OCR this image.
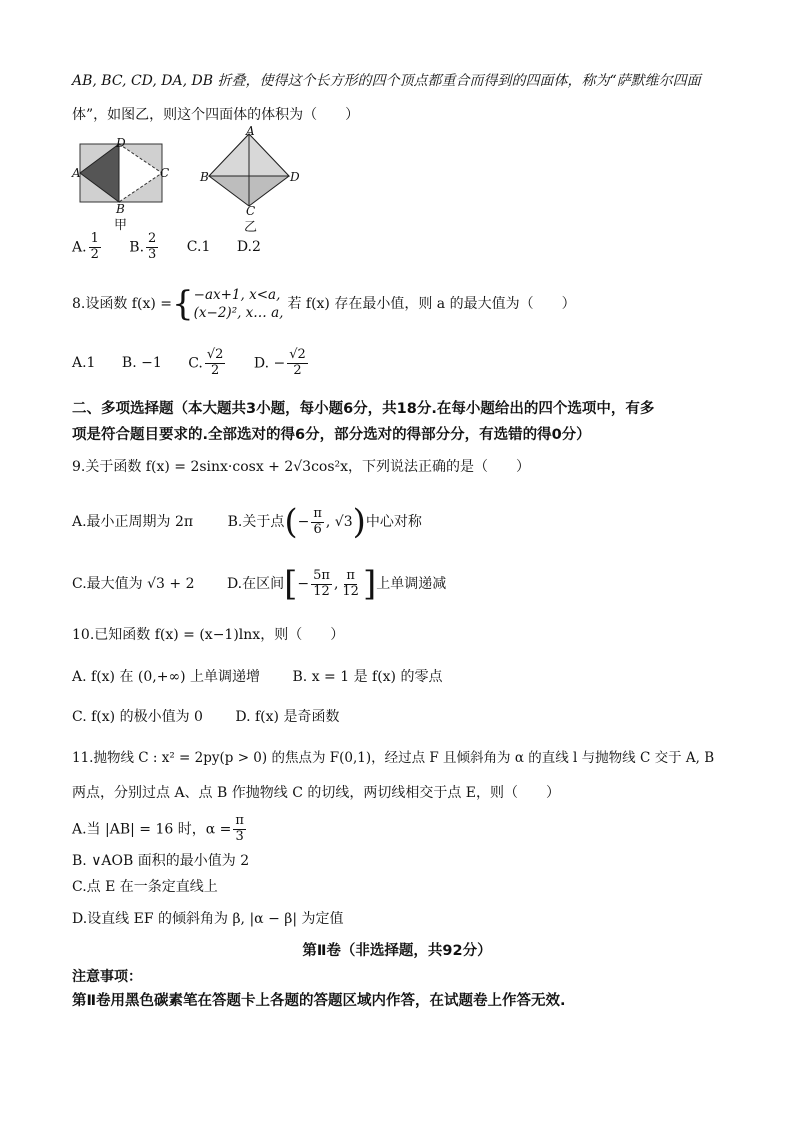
AB, BC, CD, DA, DB 折叠，使得这个长方形的四个顶点都重合而得到的四面体，称为“萨默维尔四面
体”，如图乙，则这个四面体的体积为（　　）
A
D
C
B
甲
A
B	D
C
乙
A. $\frac{1}{2} B$. $\frac{2}{3} C.1$ D.2
8.设函数 f(x) ={ −ax+1, x<a,
(x−2)², x… a,
若 f(x) 存在最小值，则 a 的最大值为（　　）
A.1 B. −1 C. $\frac{√2}{2} D$. − $\frac{√2}{2}$
二、多项选择题（本大题共3小题，每小题6分，共18分.在每小题给出的四个选项中，有多
项是符合题目要求的.全部选对的得6分，部分选对的得部分分，有选错的得0分）
9.关于函数 f(x) = 2sinx·cosx + 2√3cos²x，下列说法正确的是（　　）
A.最小正周期为 2π B.关于点(− $\frac{\pi}{6}$ , √3)中心对称
C.最大值为 √3 + 2 D.在区间[− $\frac{5\pi}{12}$ , $\frac{\pi}{12}$ ]上单调递减
10.已知函数 f(x) = (x−1)lnx，则（　　）
A. f(x) 在 (0,+∞) 上单调递增 B. x = 1 是 f(x) 的零点
C. f(x) 的极小值为 0 D. f(x) 是奇函数
11.抛物线 C : x² = 2py(p > 0) 的焦点为 F(0,1)，经过点 F 且倾斜角为 α 的直线 l 与抛物线 C 交于 A, B
两点，分别过点 A、点 B 作抛物线 C 的切线，两切线相交于点 E，则（　　）
A.当 |AB| = 16 时，$\alpha = \frac{\pi}{3}$
B. ∨AOB 面积的最小值为 2
C.点 E 在一条定直线上
D.设直线 EF 的倾斜角为 β, |α − β| 为定值
第Ⅱ卷（非选择题，共92分）
注意事项：
第Ⅱ卷用黑色碳素笔在答题卡上各题的答题区域内作答，在试题卷上作答无效.
